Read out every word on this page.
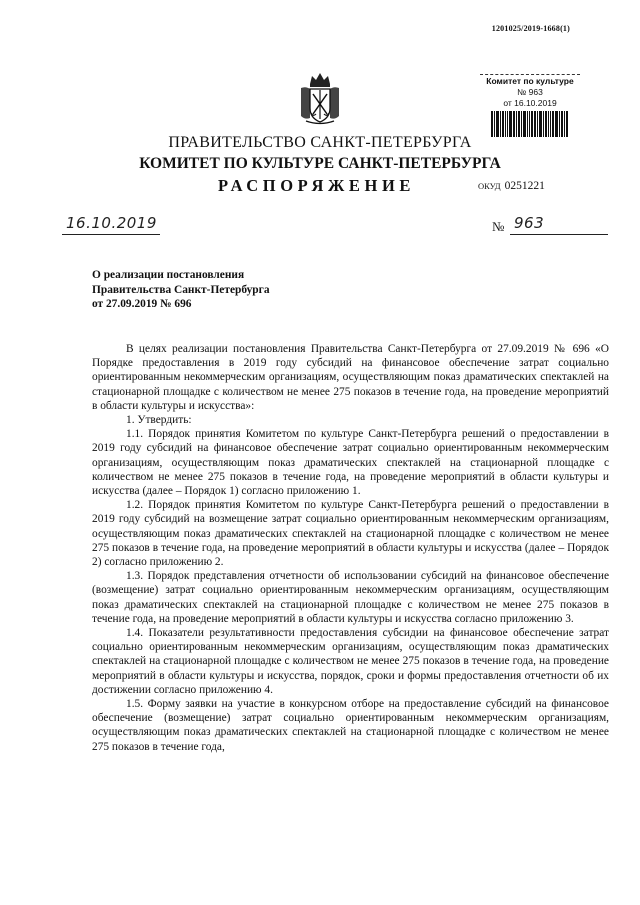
1201025/2019-1668(1)
Комитет по культуре
№ 963
от 16.10.2019
ПРАВИТЕЛЬСТВО САНКТ-ПЕТЕРБУРГА
КОМИТЕТ ПО КУЛЬТУРЕ САНКТ-ПЕТЕРБУРГА
РАСПОРЯЖЕНИЕ	ОКУД 0251221
16.10.2019	№ 963
О реализации постановления
Правительства Санкт-Петербурга
от 27.09.2019 № 696

В целях реализации постановления Правительства Санкт-Петербурга от 27.09.2019 № 696 «О Порядке предоставления в 2019 году субсидий на финансовое обеспечение затрат социально ориентированным некоммерческим организациям, осуществляющим показ драматических спектаклей на стационарной площадке с количеством не менее 275 показов в течение года, на проведение мероприятий в области культуры и искусства»:

1. Утвердить:

1.1. Порядок принятия Комитетом по культуре Санкт-Петербурга решений о предоставлении в 2019 году субсидий на финансовое обеспечение затрат социально ориентированным некоммерческим организациям, осуществляющим показ драматических спектаклей на стационарной площадке с количеством не менее 275 показов в течение года, на проведение мероприятий в области культуры и искусства (далее – Порядок 1) согласно приложению 1.

1.2. Порядок принятия Комитетом по культуре Санкт-Петербурга решений о предоставлении в 2019 году субсидий на возмещение затрат социально ориентированным некоммерческим организациям, осуществляющим показ драматических спектаклей на стационарной площадке с количеством не менее 275 показов в течение года, на проведение мероприятий в области культуры и искусства (далее – Порядок 2) согласно приложению 2.

1.3. Порядок представления отчетности об использовании субсидий на финансовое обеспечение (возмещение) затрат социально ориентированным некоммерческим организациям, осуществляющим показ драматических спектаклей на стационарной площадке с количеством не менее 275 показов в течение года, на проведение мероприятий в области культуры и искусства согласно приложению 3.

1.4. Показатели результативности предоставления субсидии на финансовое обеспечение затрат социально ориентированным некоммерческим организациям, осуществляющим показ драматических спектаклей на стационарной площадке с количеством не менее 275 показов в течение года, на проведение мероприятий в области культуры и искусства, порядок, сроки и формы предоставления отчетности об их достижении согласно приложению 4.

1.5. Форму заявки на участие в конкурсном отборе на предоставление субсидий на финансовое обеспечение (возмещение) затрат социально ориентированным некоммерческим организациям, осуществляющим показ драматических спектаклей на стационарной площадке с количеством не менее 275 показов в течение года,
